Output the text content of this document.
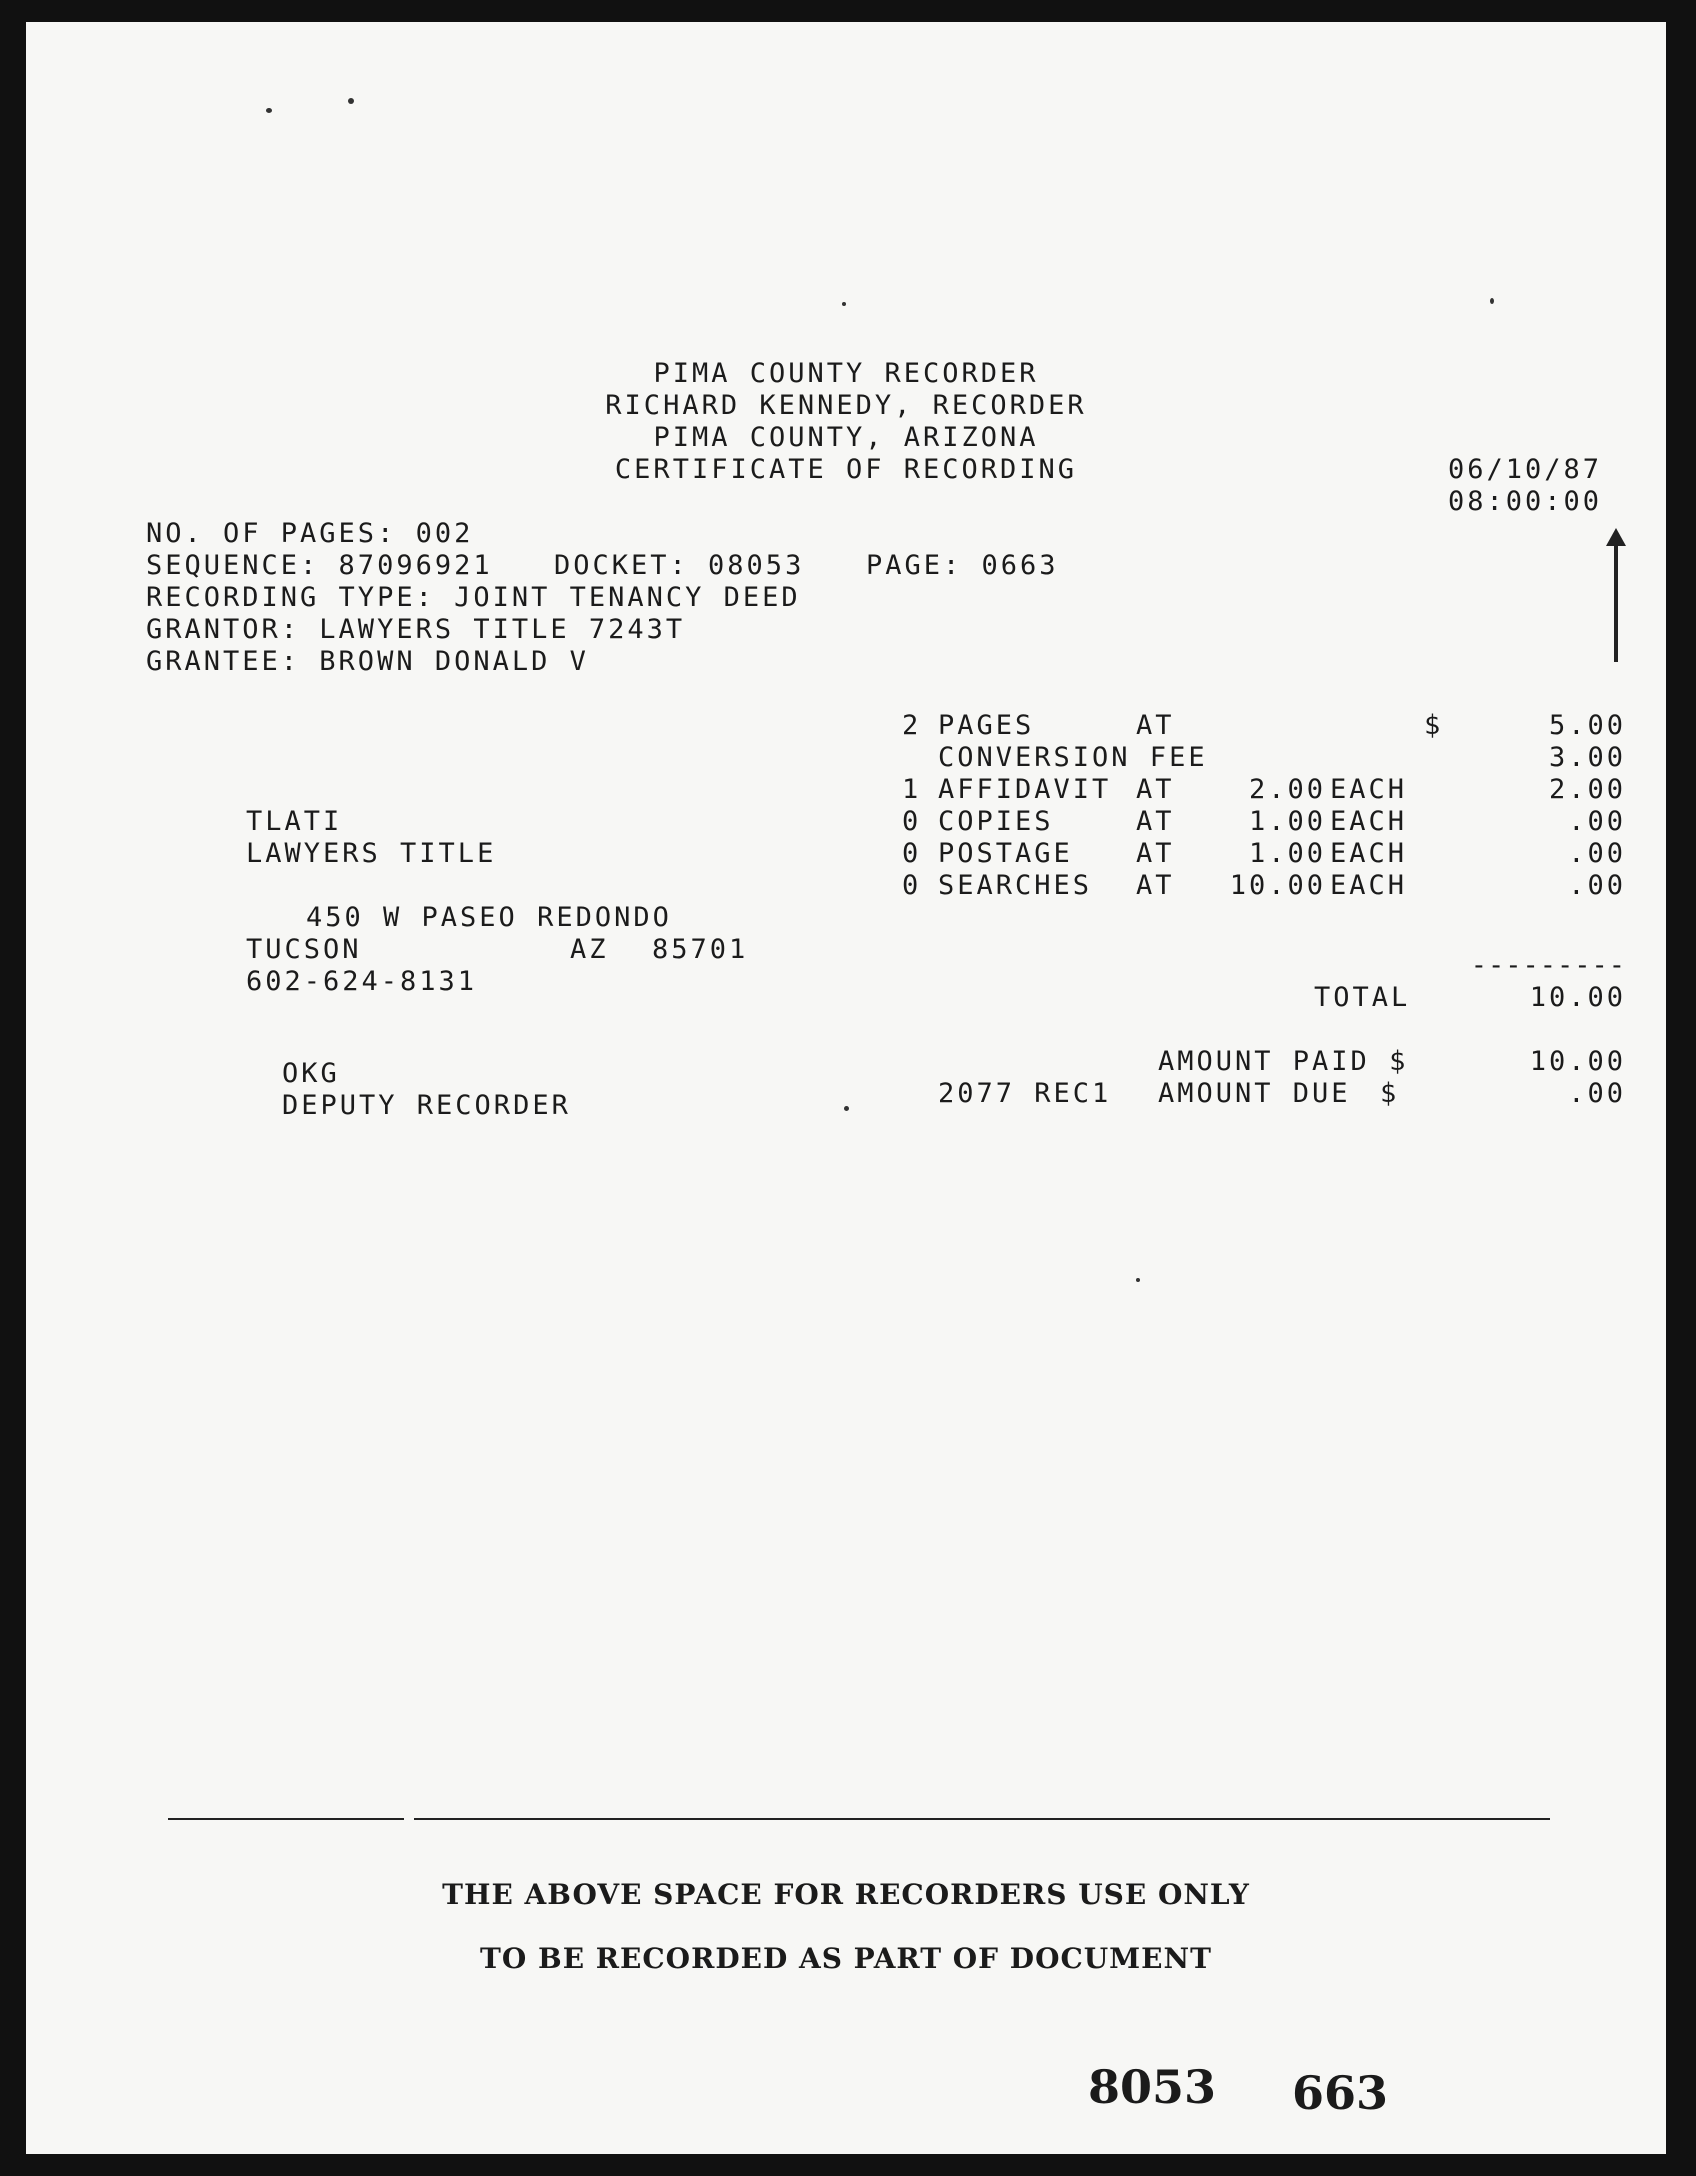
PIMA COUNTY RECORDER
RICHARD KENNEDY, RECORDER
PIMA COUNTY, ARIZONA
CERTIFICATE OF RECORDING	06/10/87
08:00:00
NO. OF PAGES: 002
SEQUENCE: 87096921 DOCKET: 08053 PAGE: 0663
RECORDING TYPE: JOINT TENANCY DEED
GRANTOR: LAWYERS TITLE 7243T
GRANTEE: BROWN DONALD V
TLATI
LAWYERS TITLE
450 W PASEO REDONDO
TUCSON	AZ 85701
602-624-8131
2 PAGES	AT	$	5.00
CONVERSION FEE	3.00
1 AFFIDAVIT AT	2.00 EACH	2.00
0 COPIES	AT	1.00 EACH	.00
0 POSTAGE AT	1.00 EACH	.00
0 SEARCHES AT	10.00 EACH	.00
---------
TOTAL	10.00
AMOUNT PAID $	10.00
2077 REC1 AMOUNT DUE $	.00
OKG
DEPUTY RECORDER
THE ABOVE SPACE FOR RECORDERS USE ONLY
TO BE RECORDED AS PART OF DOCUMENT
8053 663
